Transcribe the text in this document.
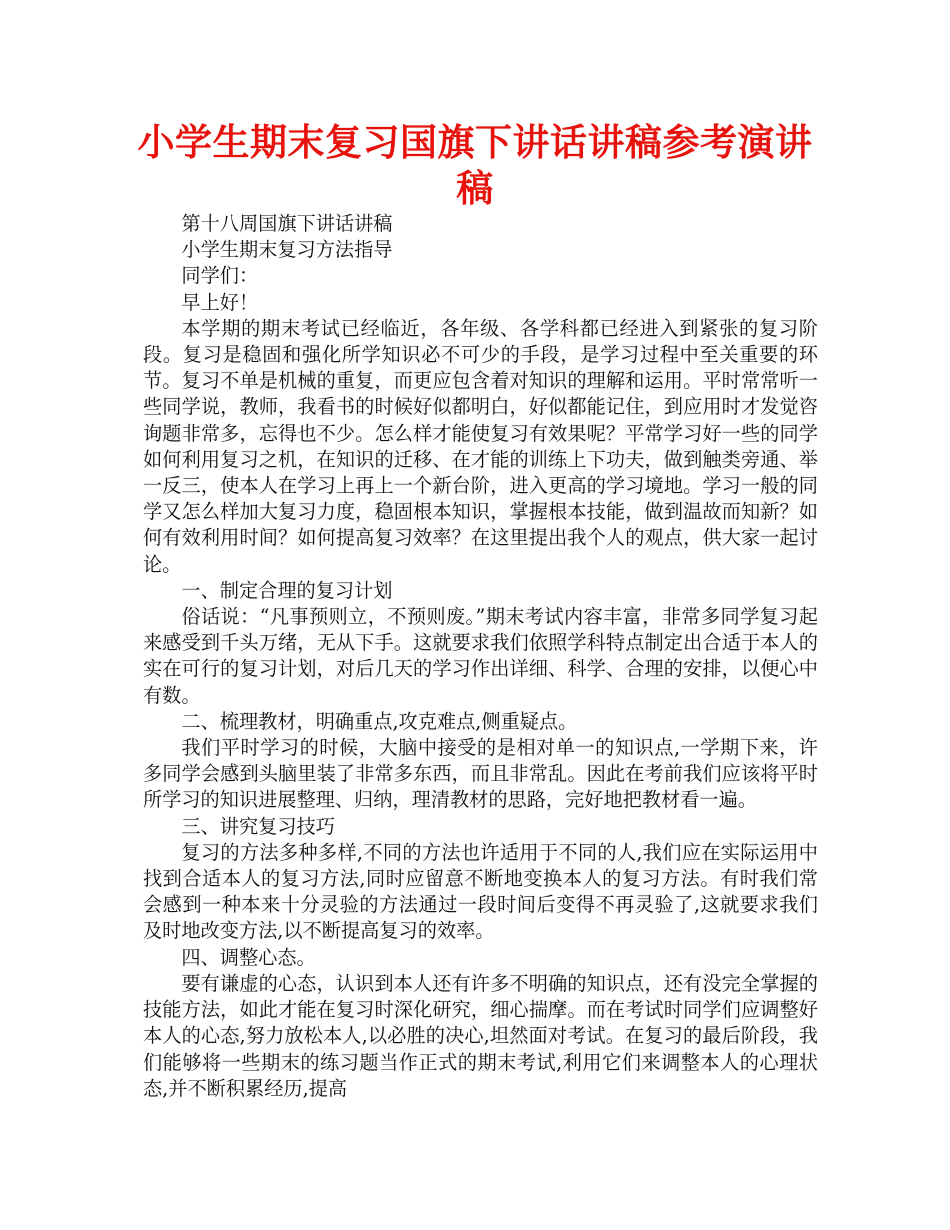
小学生期末复习国旗下讲话讲稿参考演讲稿

第十八周国旗下讲话讲稿

小学生期末复习方法指导

同学们：

早上好！

本学期的期末考试已经临近，各年级、各学科都已经进入到紧张的复习阶段。复习是稳固和强化所学知识必不可少的手段，是学习过程中至关重要的环节。复习不单是机械的重复，而更应包含着对知识的理解和运用。平时常常听一些同学说，教师，我看书的时候好似都明白，好似都能记住，到应用时才发觉咨询题非常多，忘得也不少。怎么样才能使复习有效果呢？平常学习好一些的同学如何利用复习之机，在知识的迁移、在才能的训练上下功夫，做到触类旁通、举一反三，使本人在学习上再上一个新台阶，进入更高的学习境地。学习一般的同学又怎么样加大复习力度，稳固根本知识，掌握根本技能，做到温故而知新？如何有效利用时间？如何提高复习效率？在这里提出我个人的观点，供大家一起讨论。

一、制定合理的复习计划

俗话说：“凡事预则立，不预则废。”期末考试内容丰富，非常多同学复习起来感受到千头万绪，无从下手。这就要求我们依照学科特点制定出合适于本人的实在可行的复习计划，对后几天的学习作出详细、科学、合理的安排，以便心中有数。

二、梳理教材，明确重点,攻克难点,侧重疑点。

我们平时学习的时候，大脑中接受的是相对单一的知识点,一学期下来，许多同学会感到头脑里装了非常多东西，而且非常乱。因此在考前我们应该将平时所学习的知识进展整理、归纳，理清教材的思路，完好地把教材看一遍。

三、讲究复习技巧

复习的方法多种多样,不同的方法也许适用于不同的人,我们应在实际运用中找到合适本人的复习方法,同时应留意不断地变换本人的复习方法。有时我们常会感到一种本来十分灵验的方法通过一段时间后变得不再灵验了,这就要求我们及时地改变方法,以不断提高复习的效率。

四、调整心态。

要有谦虚的心态，认识到本人还有许多不明确的知识点，还有没完全掌握的技能方法，如此才能在复习时深化研究，细心揣摩。而在考试时同学们应调整好本人的心态,努力放松本人,以必胜的决心,坦然面对考试。在复习的最后阶段，我们能够将一些期末的练习题当作正式的期末考试,利用它们来调整本人的心理状态,并不断积累经历,提高
